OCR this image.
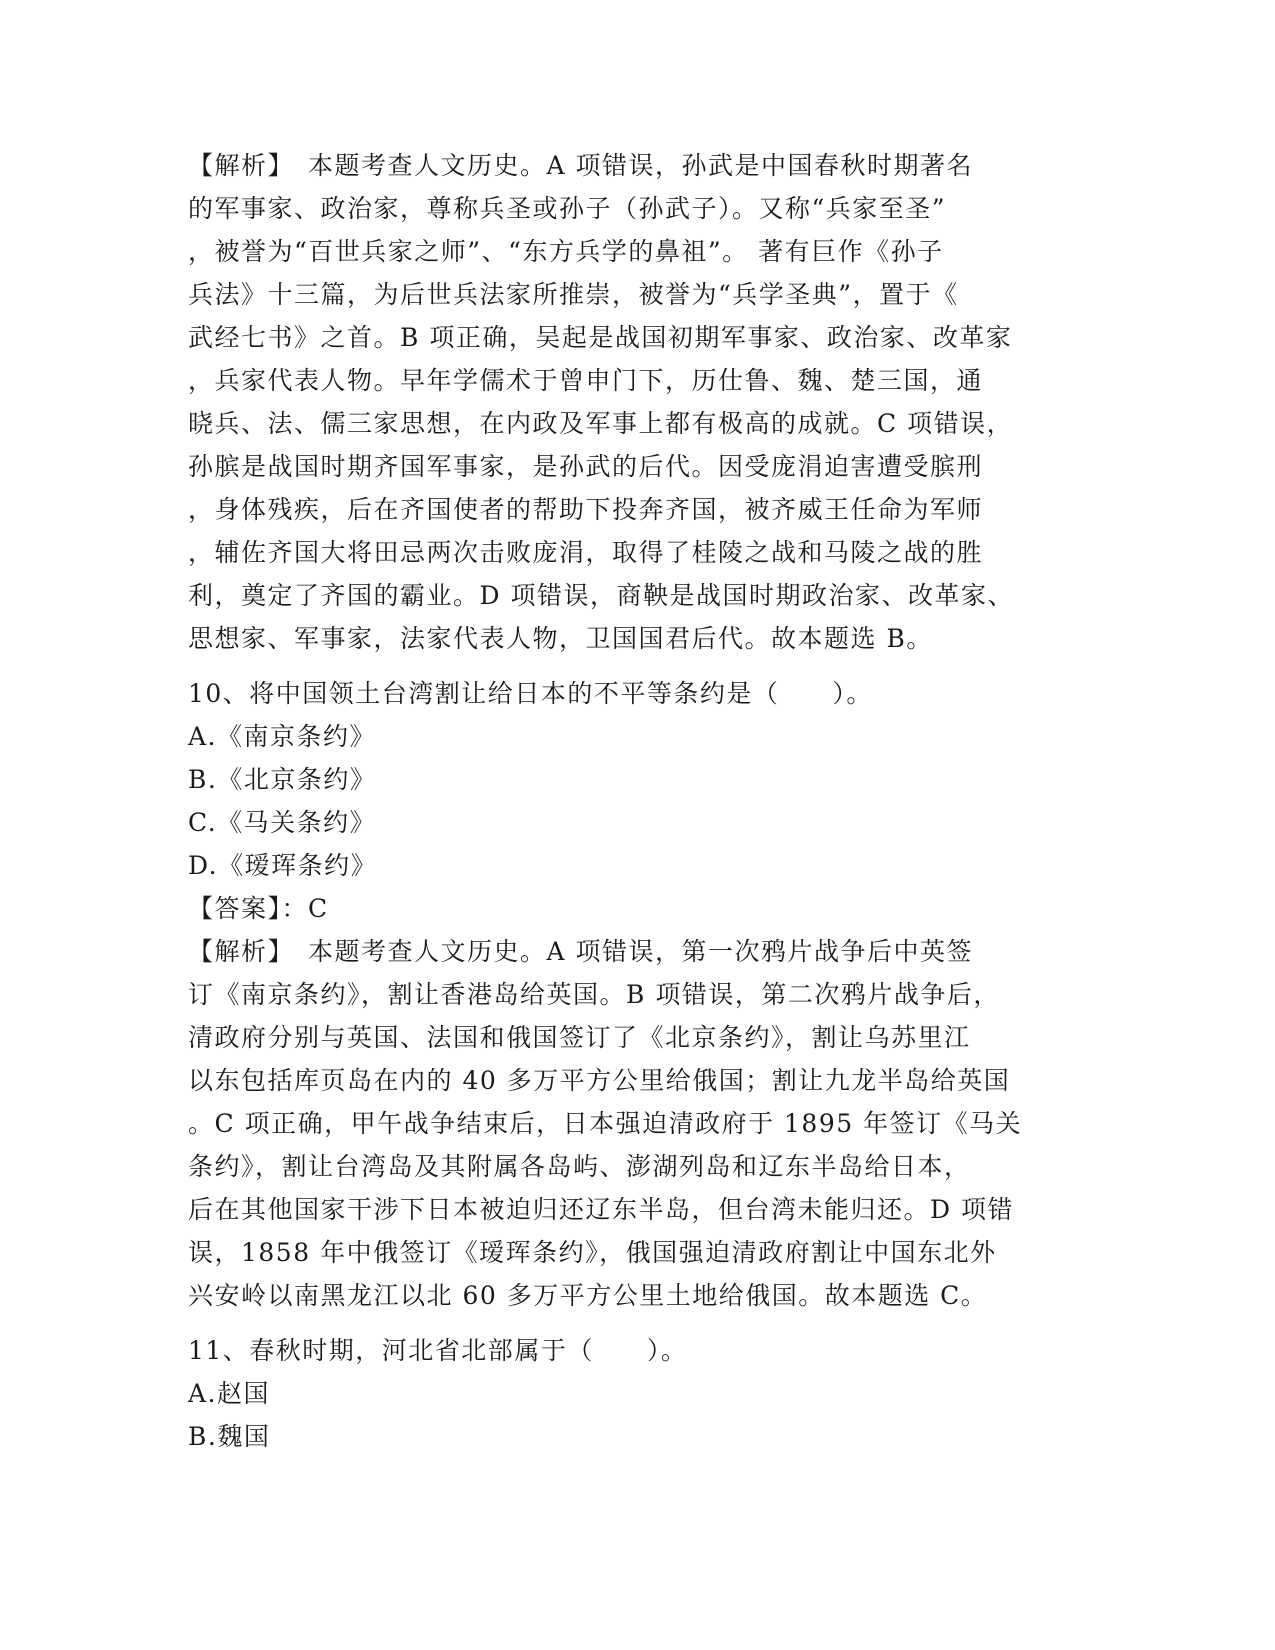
【解析】　本题考查人文历史。A 项错误，孙武是中国春秋时期著名
的军事家、政治家，尊称兵圣或孙子（孙武子）。又称“兵家至圣”
，被誉为“百世兵家之师”、“东方兵学的鼻祖”。 著有巨作《孙子
兵法》十三篇，为后世兵法家所推崇，被誉为“兵学圣典”，置于《
武经七书》之首。B 项正确，吴起是战国初期军事家、政治家、改革家
，兵家代表人物。早年学儒术于曾申门下，历仕鲁、魏、楚三国，通
晓兵、法、儒三家思想，在内政及军事上都有极高的成就。C 项错误，
孙膑是战国时期齐国军事家，是孙武的后代。因受庞涓迫害遭受膑刑
，身体残疾，后在齐国使者的帮助下投奔齐国，被齐威王任命为军师
，辅佐齐国大将田忌两次击败庞涓，取得了桂陵之战和马陵之战的胜
利，奠定了齐国的霸业。D 项错误，商鞅是战国时期政治家、改革家、
思想家、军事家，法家代表人物，卫国国君后代。故本题选 B。
10、将中国领土台湾割让给日本的不平等条约是（　　）。
A.《南京条约》
B.《北京条约》
C.《马关条约》
D.《瑷珲条约》
【答案】：C
【解析】　本题考查人文历史。A 项错误，第一次鸦片战争后中英签
订《南京条约》，割让香港岛给英国。B 项错误，第二次鸦片战争后，
清政府分别与英国、法国和俄国签订了《北京条约》，割让乌苏里江
以东包括库页岛在内的 40 多万平方公里给俄国；割让九龙半岛给英国
。C 项正确，甲午战争结束后，日本强迫清政府于 1895 年签订《马关
条约》，割让台湾岛及其附属各岛屿、澎湖列岛和辽东半岛给日本，
后在其他国家干涉下日本被迫归还辽东半岛，但台湾未能归还。D 项错
误，1858 年中俄签订《瑷珲条约》，俄国强迫清政府割让中国东北外
兴安岭以南黑龙江以北 60 多万平方公里土地给俄国。故本题选 C。
11、春秋时期，河北省北部属于（　　）。
A.赵国
B.魏国
